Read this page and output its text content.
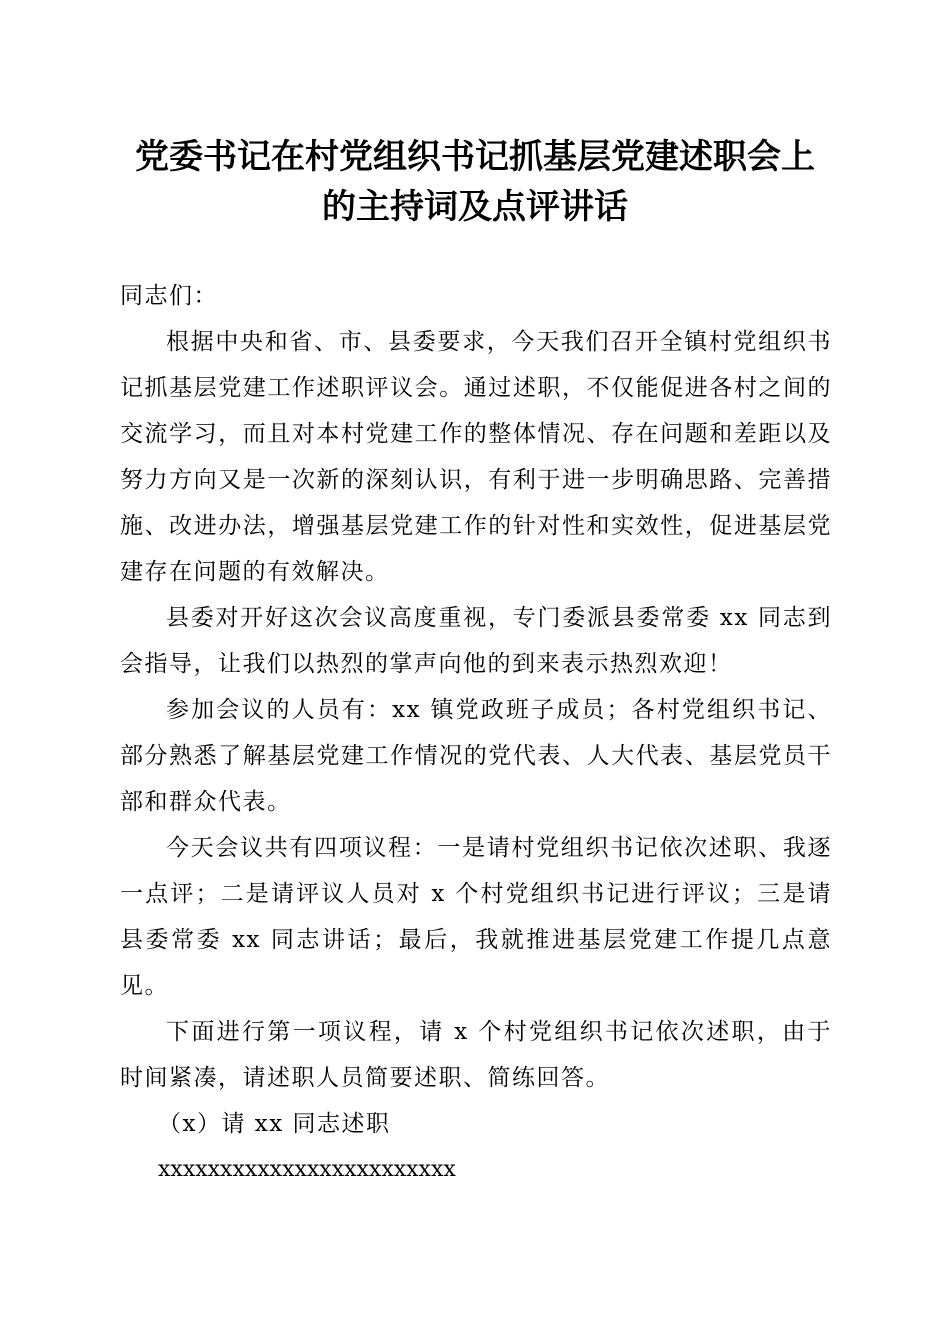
党委书记在村党组织书记抓基层党建述职会上
的主持词及点评讲话

同志们：

根据中央和省、市、县委要求，今天我们召开全镇村党组织书记抓基层党建工作述职评议会。通过述职，不仅能促进各村之间的交流学习，而且对本村党建工作的整体情况、存在问题和差距以及努力方向又是一次新的深刻认识，有利于进一步明确思路、完善措施、改进办法，增强基层党建工作的针对性和实效性，促进基层党建存在问题的有效解决。

县委对开好这次会议高度重视，专门委派县委常委 xx 同志到会指导，让我们以热烈的掌声向他的到来表示热烈欢迎！

参加会议的人员有：xx 镇党政班子成员；各村党组织书记、部分熟悉了解基层党建工作情况的党代表、人大代表、基层党员干部和群众代表。

今天会议共有四项议程：一是请村党组织书记依次述职、我逐一点评；二是请评议人员对 x 个村党组织书记进行评议；三是请县委常委 xx 同志讲话；最后，我就推进基层党建工作提几点意见。

下面进行第一项议程，请 x 个村党组织书记依次述职，由于时间紧凑，请述职人员简要述职、简练回答。

（x）请 xx 同志述职

xxxxxxxxxxxxxxxxxxxxxxxx
